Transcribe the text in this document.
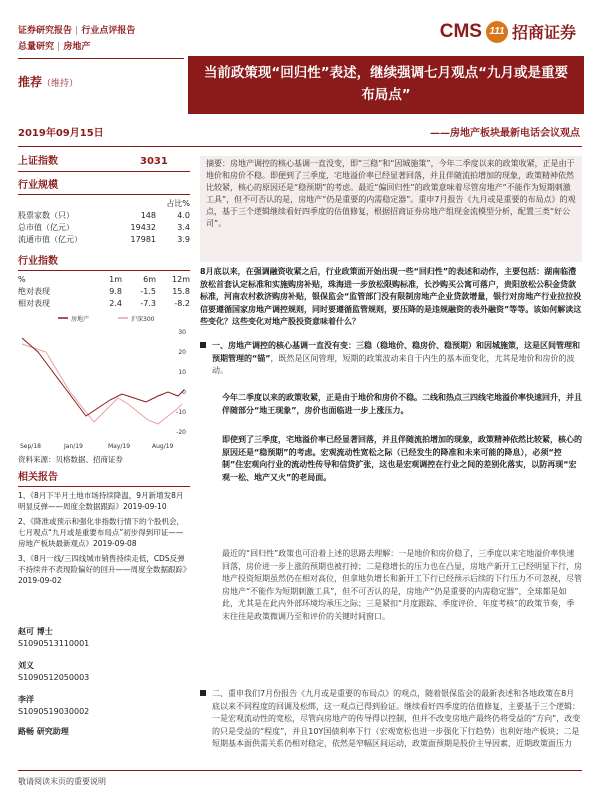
证券研究报告 | 行业点评报告
总量研究 | 房地产
CMS 111 招商证券
推荐（维持）
当前政策现“回归性”表述，继续强调七月观点“九月或是重要布局点”
2019年09月15日	——房地产板块最新电话会议观点
上证指数	3031
行业规模
占比%
股票家数（只）	148	4.0
总市值（亿元）	19432	3.4
流通市值（亿元）	17981	3.9
行业指数
%	1m	6m	12m
绝对表现	9.8	-1.5	15.8
相对表现	2.4	-7.3	-8.2
房地产	沪深300
30
20
10
0
-10
-20
Sep/18	Jan/19	May/19	Aug/19
资料来源：贝格数据、招商证券
相关报告
1、《8月下半月土地市场持续降温，9月新增发8月明显反弹——周度全数据跟踪》2019-09-10
2、《降准或预示和强化非指数行情下的个股机会，七月观点“九月或是重要布局点”初步得到印证——房地产板块最新观点》2019-09-08
3、《8月一线/三四线城市销售持续走低，CDS反弹不持续并不表现险偏好的回升——周度全数据跟踪》2019-09-02
赵可 博士
S1090513110001
刘义
S1090512050003
李洋
S1090519030002
路畅 研究助理
摘要：房地产调控的核心基调一直没变，即“三稳”和“因城施策”，今年二季度以来的政策收紧，正是由于地价和房价不稳。即便到了三季度，宅地溢价率已经显著回落，并且伴随流拍增加的现象，政策精神依然比较紧，核心的原因还是“稳预期”的考虑。最近“偏回归性”的政策意味着尽管房地产“不能作为短期刺激工具”，但不可否认的是，房地产“仍是重要的内需稳定器”。重申7月报告《九月或是重要的布局点》的观点，基于三个逻辑继续看好四季度的估值修复，根据招商证券房地产组现金流模型分析，配置三类“好公司”。
8月底以来，在强调融资收紧之后，行业政策面开始出现一些“回归性”的表述和动作，主要包括：湖南临澧放松首套认定标准和实施购房补贴，珠海进一步放松限购标准，长沙购买公寓可落户，贵阳放松公积金贷款标准，河南农村救济购房补贴，银保监会“监管部门没有限制房地产企业贷款增量，银行对房地产行业拉拉投信要遵循国家房地产调控规则，同时要遵循监管规则，要压降的是违规融资的表外融资”等等。该如何解读这些变化？这些变化对地产股投资意味着什么？
一、房地产调控的核心基调一直没有变：三稳（稳地价、稳房价、稳预期）和因城施策，这是区间管理和预期管理的“锚”，既然是区间管理，短期的政策波动来自于内生的基本面变化，尤其是地价和房价的波动。
今年二季度以来的政策收紧，正是由于地价和房价不稳。二线和热点三四线宅地溢价率快速回升，并且伴随部分“地王现象”，房价也面临进一步上涨压力。
即使到了三季度，宅地溢价率已经显著回落，并且伴随流拍增加的现象，政策精神依然比较紧，核心的原因还是“稳预期”的考虑。宏观流动性宽松之际（已经发生的降准和未来可能的降息），必须“控制”住宏观向行业的流动性传导和信贷扩张，这也是宏观调控在行业之间的差别化落实，以防再现“宏观一松、地产又火”的老局面。
最近的“回归性”政策也可沿着上述的思路去理解：一是地价和房价稳了，三季度以来宅地溢价率快速回落，房价进一步上涨的预期也被打掉；二是稳增长的压力也在凸显，房地产新开工已经明显下行，房地产投资短期虽然仍在相对高位，但拿地负增长和新开工下行已经预示后续的下行压力不可忽视，尽管房地产“不能作为短期刺激工具”，但不可否认的是，房地产“仍是重要的内需稳定器”，全球都是如此，尤其是在此内外部环境均承压之际；三是紧扣“月度跟踪、季度评价、年度考核”的政策节奏，季末往往是政策微调乃至和评价的关键时间窗口。
二、重申我们7月份报告《九月或是重要的布局点》的观点，随着银保监会的最新表述和各地政策在8月底以来不同程度的回调及松绑，这一观点已得到验证。继续看好四季度的估值修复，主要基于三个逻辑：一是宏观流动性的宽松，尽管向房地产的传导得以控制，但并不改变房地产最终仍将受益的“方向”，改变的只是受益的“程度”，并且10Y国债利率下行（宏观宽松也进一步强化下行趋势）也利好地产板块；二是短期基本面供需关系仍相对稳定，依然是窄幅区间运动，政策面预期是股价主导因素，近期政策面压力
敬请阅读末页的重要说明
